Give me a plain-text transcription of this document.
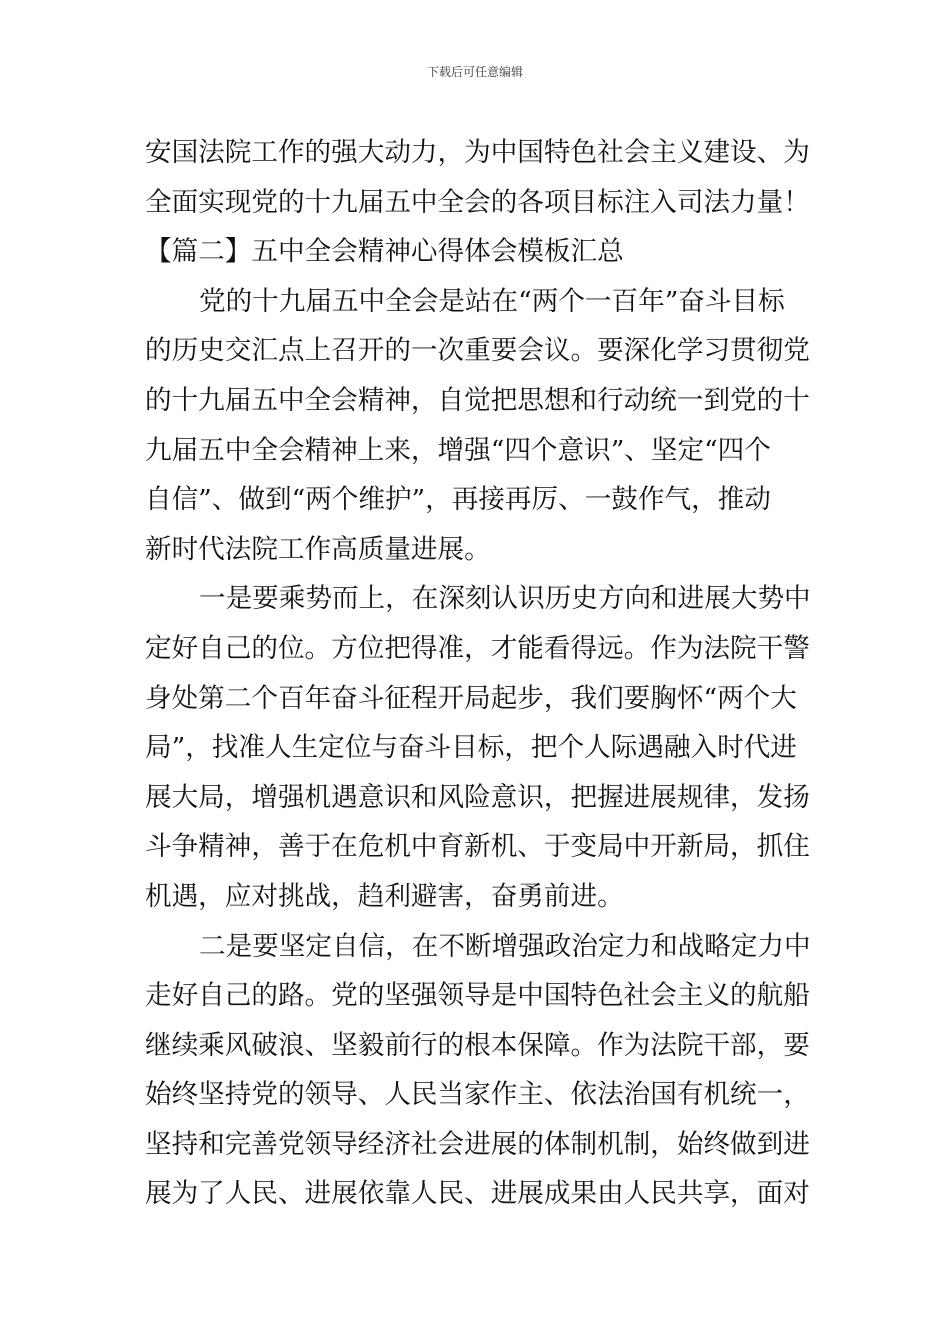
下载后可任意编辑
安国法院工作的强大动力，为中国特色社会主义建设、为
全面实现党的十九届五中全会的各项目标注入司法力量！
【篇二】五中全会精神心得体会模板汇总
党的十九届五中全会是站在“两个一百年”奋斗目标
的历史交汇点上召开的一次重要会议。要深化学习贯彻党
的十九届五中全会精神，自觉把思想和行动统一到党的十
九届五中全会精神上来，增强“四个意识”、坚定“四个
自信”、做到“两个维护”，再接再厉、一鼓作气，推动
新时代法院工作高质量进展。
一是要乘势而上，在深刻认识历史方向和进展大势中
定好自己的位。方位把得准，才能看得远。作为法院干警
身处第二个百年奋斗征程开局起步，我们要胸怀“两个大
局”，找准人生定位与奋斗目标，把个人际遇融入时代进
展大局，增强机遇意识和风险意识，把握进展规律，发扬
斗争精神，善于在危机中育新机、于变局中开新局，抓住
机遇，应对挑战，趋利避害，奋勇前进。
二是要坚定自信，在不断增强政治定力和战略定力中
走好自己的路。党的坚强领导是中国特色社会主义的航船
继续乘风破浪、坚毅前行的根本保障。作为法院干部，要
始终坚持党的领导、人民当家作主、依法治国有机统一，
坚持和完善党领导经济社会进展的体制机制，始终做到进
展为了人民、进展依靠人民、进展成果由人民共享，面对
